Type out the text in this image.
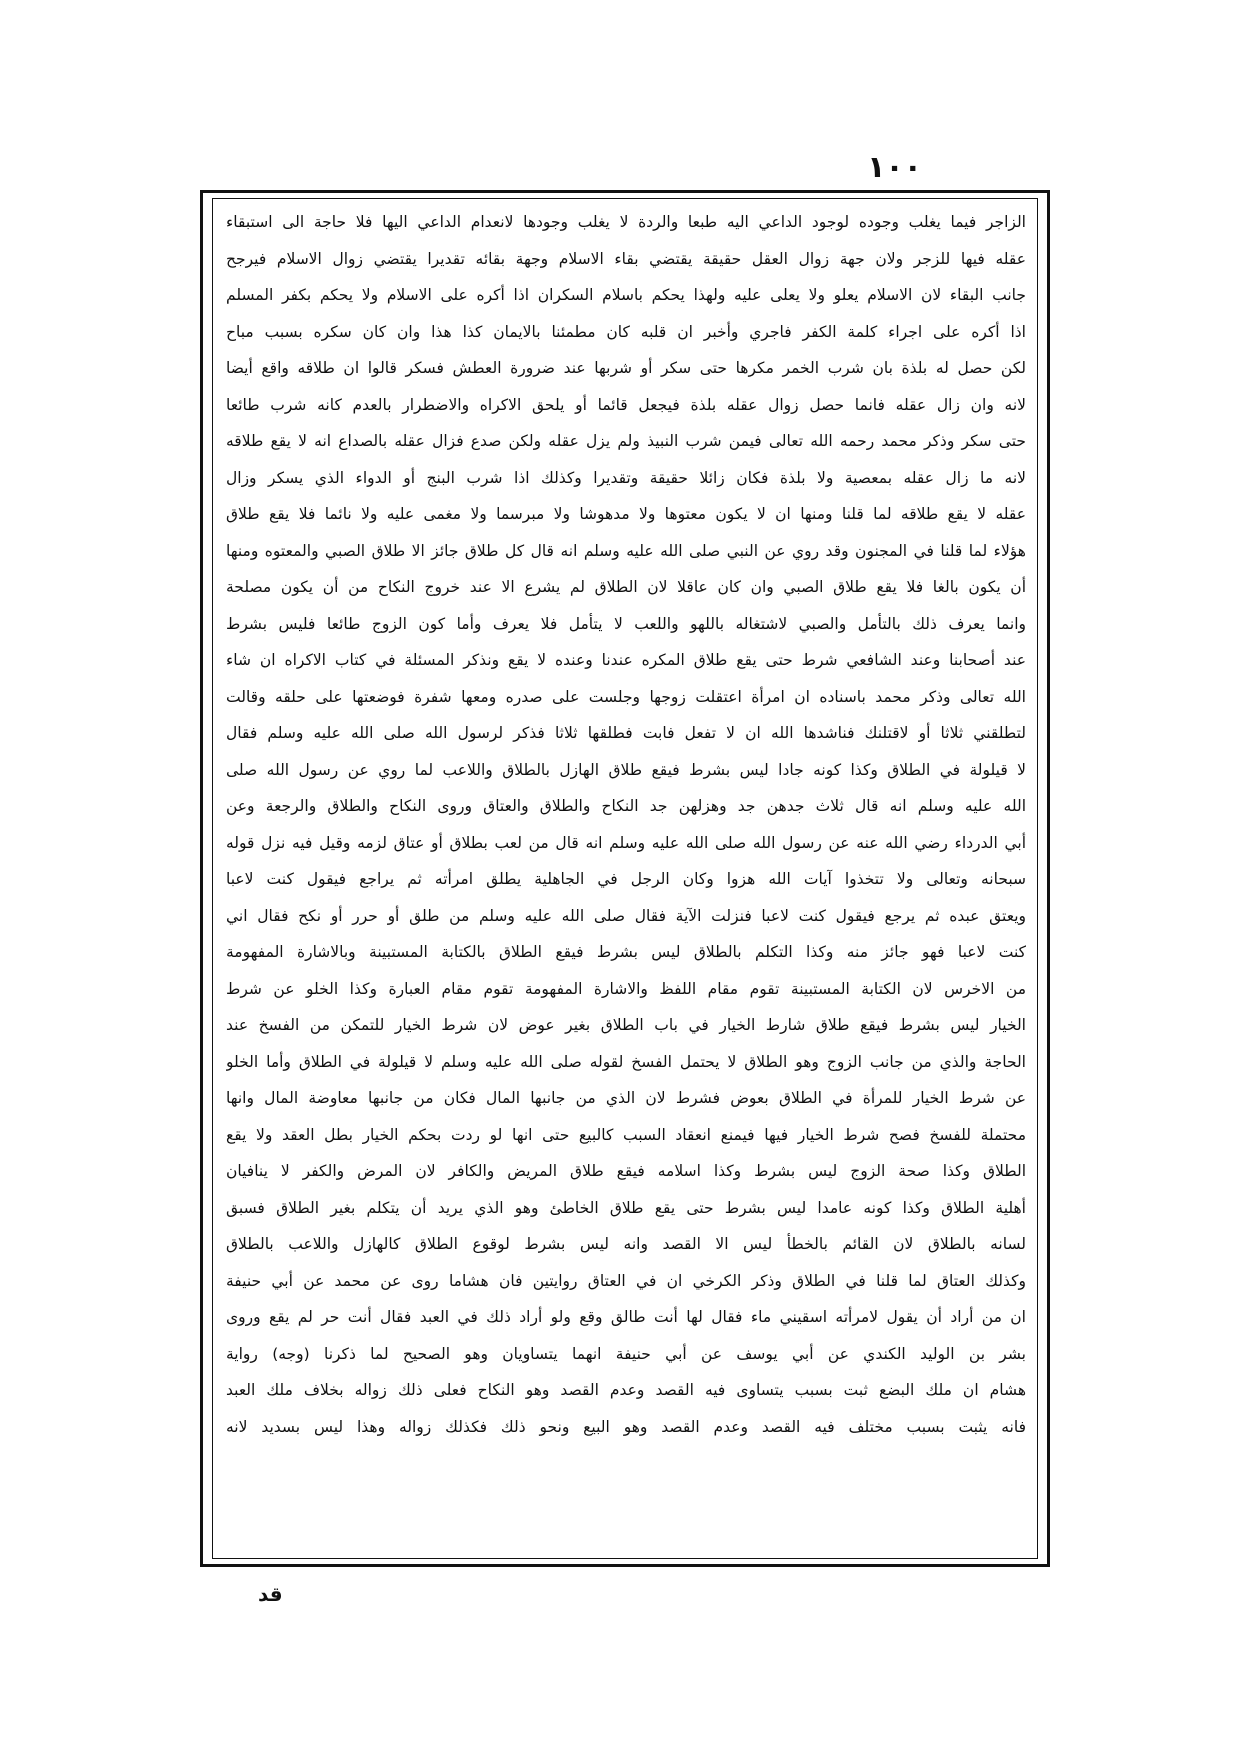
١٠٠
الزاجر فيما يغلب وجوده لوجود الداعي اليه طبعا والردة لا يغلب وجودها لانعدام الداعي اليها فلا حاجة الى استبقاء
عقله فيها للزجر ولان جهة زوال العقل حقيقة يقتضي بقاء الاسلام وجهة بقائه تقديرا يقتضي زوال الاسلام فيرجح
جانب البقاء لان الاسلام يعلو ولا يعلى عليه ولهذا يحكم باسلام السكران اذا أكره على الاسلام ولا يحكم بكفر المسلم
اذا أكره على اجراء كلمة الكفر فاجري وأخبر ان قلبه كان مطمئنا بالايمان كذا هذا وان كان سكره بسبب مباح
لكن حصل له بلذة بان شرب الخمر مكرها حتى سكر أو شربها عند ضرورة العطش فسكر قالوا ان طلاقه واقع أيضا
لانه وان زال عقله فانما حصل زوال عقله بلذة فيجعل قائما أو يلحق الاكراه والاضطرار بالعدم كانه شرب طائعا
حتى سكر وذكر محمد رحمه الله تعالى فيمن شرب النبيذ ولم يزل عقله ولكن صدع فزال عقله بالصداع انه لا يقع طلاقه
لانه ما زال عقله بمعصية ولا بلذة فكان زائلا حقيقة وتقديرا وكذلك اذا شرب البنج أو الدواء الذي يسكر وزال
عقله لا يقع طلاقه لما قلنا ومنها ان لا يكون معتوها ولا مدهوشا ولا مبرسما ولا مغمى عليه ولا نائما فلا يقع طلاق
هؤلاء لما قلنا في المجنون وقد روي عن النبي صلى الله عليه وسلم انه قال كل طلاق جائز الا طلاق الصبي والمعتوه ومنها
أن يكون بالغا فلا يقع طلاق الصبي وان كان عاقلا لان الطلاق لم يشرع الا عند خروج النكاح من أن يكون مصلحة
وانما يعرف ذلك بالتأمل والصبي لاشتغاله باللهو واللعب لا يتأمل فلا يعرف وأما كون الزوج طائعا فليس بشرط
عند أصحابنا وعند الشافعي شرط حتى يقع طلاق المكره عندنا وعنده لا يقع ونذكر المسئلة في كتاب الاكراه ان شاء
الله تعالى وذكر محمد باسناده ان امرأة اعتقلت زوجها وجلست على صدره ومعها شفرة فوضعتها على حلقه وقالت
لتطلقني ثلاثا أو لاقتلنك فناشدها الله ان لا تفعل فابت فطلقها ثلاثا فذكر لرسول الله صلى الله عليه وسلم فقال
لا قيلولة في الطلاق وكذا كونه جادا ليس بشرط فيقع طلاق الهازل بالطلاق واللاعب لما روي عن رسول الله صلى
الله عليه وسلم انه قال ثلاث جدهن جد وهزلهن جد النكاح والطلاق والعتاق وروى النكاح والطلاق والرجعة وعن
أبي الدرداء رضي الله عنه عن رسول الله صلى الله عليه وسلم انه قال من لعب بطلاق أو عتاق لزمه وقيل فيه نزل قوله
سبحانه وتعالى ولا تتخذوا آيات الله هزوا وكان الرجل في الجاهلية يطلق امرأته ثم يراجع فيقول كنت لاعبا
ويعتق عبده ثم يرجع فيقول كنت لاعبا فنزلت الآية فقال صلى الله عليه وسلم من طلق أو حرر أو نكح فقال اني
كنت لاعبا فهو جائز منه وكذا التكلم بالطلاق ليس بشرط فيقع الطلاق بالكتابة المستبينة وبالاشارة المفهومة
من الاخرس لان الكتابة المستبينة تقوم مقام اللفظ والاشارة المفهومة تقوم مقام العبارة وكذا الخلو عن شرط
الخيار ليس بشرط فيقع طلاق شارط الخيار في باب الطلاق بغير عوض لان شرط الخيار للتمكن من الفسخ عند
الحاجة والذي من جانب الزوج وهو الطلاق لا يحتمل الفسخ لقوله صلى الله عليه وسلم لا قيلولة في الطلاق وأما الخلو
عن شرط الخيار للمرأة في الطلاق بعوض فشرط لان الذي من جانبها المال فكان من جانبها معاوضة المال وانها
محتملة للفسخ فصح شرط الخيار فيها فيمنع انعقاد السبب كالبيع حتى انها لو ردت بحكم الخيار بطل العقد ولا يقع
الطلاق وكذا صحة الزوج ليس بشرط وكذا اسلامه فيقع طلاق المريض والكافر لان المرض والكفر لا ينافيان
أهلية الطلاق وكذا كونه عامدا ليس بشرط حتى يقع طلاق الخاطئ وهو الذي يريد أن يتكلم بغير الطلاق فسبق
لسانه بالطلاق لان القائم بالخطأ ليس الا القصد وانه ليس بشرط لوقوع الطلاق كالهازل واللاعب بالطلاق
وكذلك العتاق لما قلنا في الطلاق وذكر الكرخي ان في العتاق روايتين فان هشاما روى عن محمد عن أبي حنيفة
ان من أراد أن يقول لامرأته اسقيني ماء فقال لها أنت طالق وقع ولو أراد ذلك في العبد فقال أنت حر لم يقع وروى
بشر بن الوليد الكندي عن أبي يوسف عن أبي حنيفة انهما يتساويان وهو الصحيح لما ذكرنا (وجه) رواية
هشام ان ملك البضع ثبت بسبب يتساوى فيه القصد وعدم القصد وهو النكاح فعلى ذلك زواله بخلاف ملك العبد
فانه يثبت بسبب مختلف فيه القصد وعدم القصد وهو البيع ونحو ذلك فكذلك زواله وهذا ليس بسديد لانه
قد
